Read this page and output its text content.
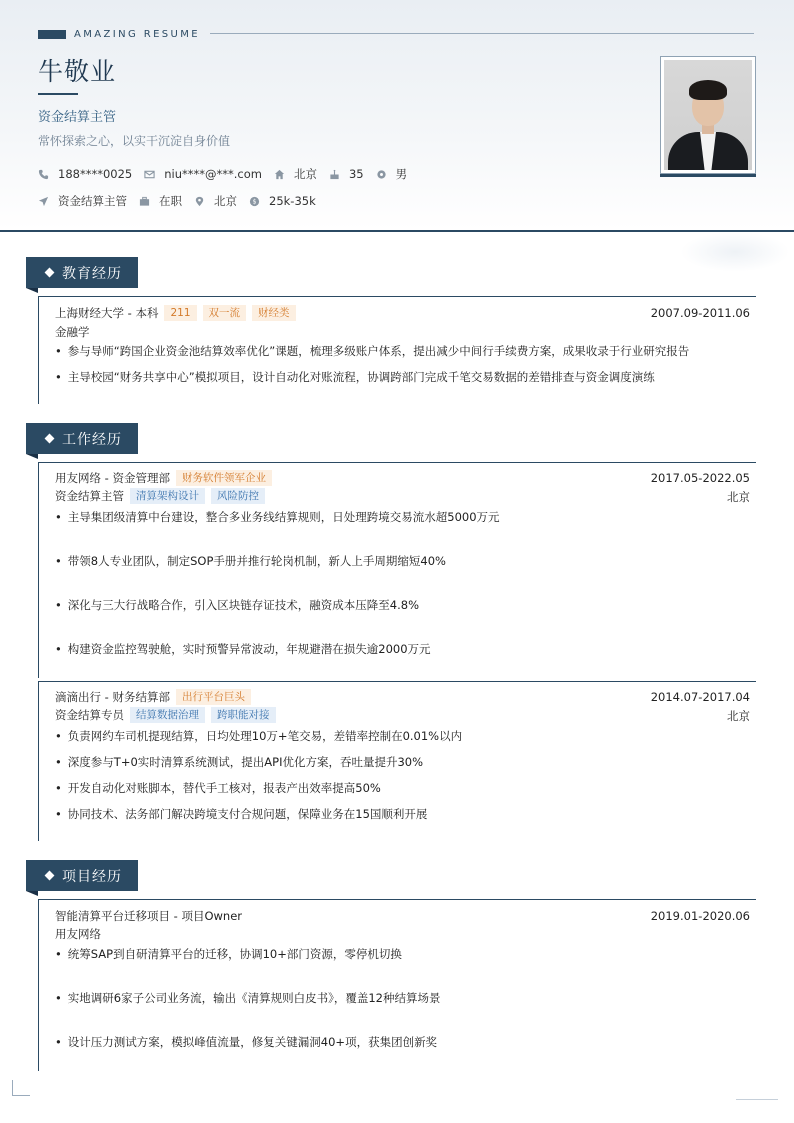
AMAZING RESUME
牛敬业
资金结算主管
常怀探索之心，以实干沉淀自身价值
188****0025	niu****@***.com	北京	35	男
资金结算主管	在职	北京 $ 25k-35k
教育经历
上海财经大学 - 本科	211	双一流	财经类	2007.09-2011.06
金融学
• 参与导师“跨国企业资金池结算效率优化”课题，梳理多级账户体系，提出减少中间行手续费方案，成果收录于行业研究报告
• 主导校园“财务共享中心”模拟项目，设计自动化对账流程，协调跨部门完成千笔交易数据的差错排查与资金调度演练
工作经历
用友网络 - 资金管理部	财务软件领军企业	2017.05-2022.05
资金结算主管	清算架构设计	风险防控	北京
• 主导集团级清算中台建设，整合多业务线结算规则，日处理跨境交易流水超5000万元
• 带领8人专业团队，制定SOP手册并推行轮岗机制，新人上手周期缩短40%
• 深化与三大行战略合作，引入区块链存证技术，融资成本压降至4.8%
• 构建资金监控驾驶舱，实时预警异常波动，年规避潜在损失逾2000万元
滴滴出行 - 财务结算部	出行平台巨头	2014.07-2017.04
资金结算专员	结算数据治理	跨职能对接	北京
• 负责网约车司机提现结算，日均处理10万+笔交易，差错率控制在0.01%以内
• 深度参与T+0实时清算系统测试，提出API优化方案，吞吐量提升30%
• 开发自动化对账脚本，替代手工核对，报表产出效率提高50%
• 协同技术、法务部门解决跨境支付合规问题，保障业务在15国顺利开展
项目经历
智能清算平台迁移项目 - 项目Owner	2019.01-2020.06
用友网络
• 统筹SAP到自研清算平台的迁移，协调10+部门资源，零停机切换
• 实地调研6家子公司业务流，输出《清算规则白皮书》，覆盖12种结算场景
• 设计压力测试方案，模拟峰值流量，修复关键漏洞40+项，获集团创新奖
